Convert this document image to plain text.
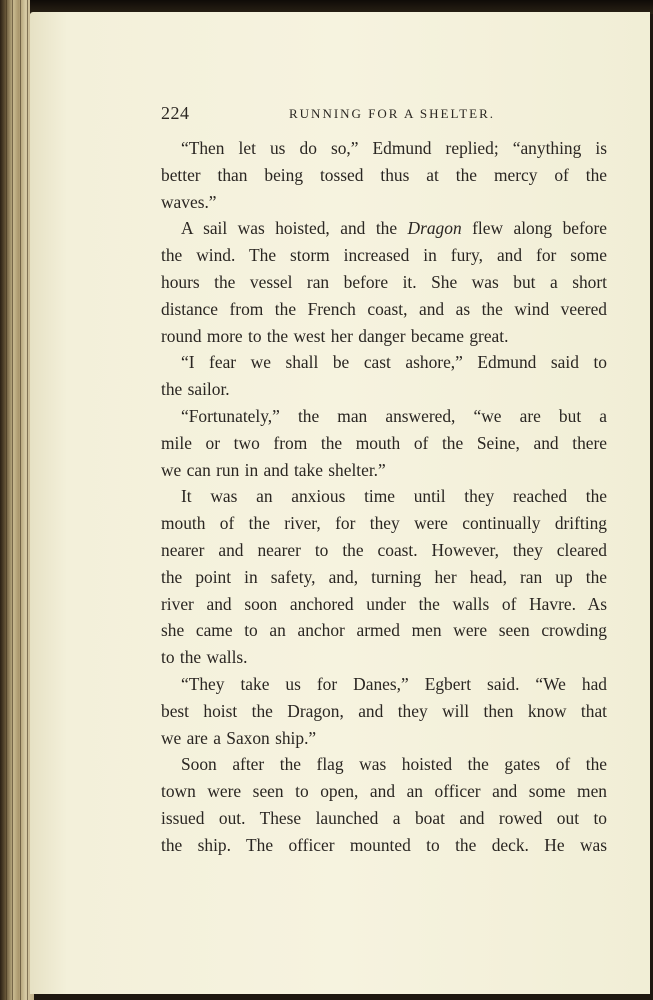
224	RUNNING FOR A SHELTER.
“Then let us do so,” Edmund replied; “anything is
better than being tossed thus at the mercy of the
waves.”
A sail was hoisted, and the Dragon flew along before
the wind. The storm increased in fury, and for some
hours the vessel ran before it. She was but a short
distance from the French coast, and as the wind veered
round more to the west her danger became great.
“I fear we shall be cast ashore,” Edmund said to
the sailor.
“Fortunately,” the man answered, “we are but a
mile or two from the mouth of the Seine, and there
we can run in and take shelter.”
It was an anxious time until they reached the
mouth of the river, for they were continually drifting
nearer and nearer to the coast. However, they cleared
the point in safety, and, turning her head, ran up the
river and soon anchored under the walls of Havre. As
she came to an anchor armed men were seen crowding
to the walls.
“They take us for Danes,” Egbert said. “We had
best hoist the Dragon, and they will then know that
we are a Saxon ship.”
Soon after the flag was hoisted the gates of the
town were seen to open, and an officer and some men
issued out. These launched a boat and rowed out to
the ship. The officer mounted to the deck. He was
